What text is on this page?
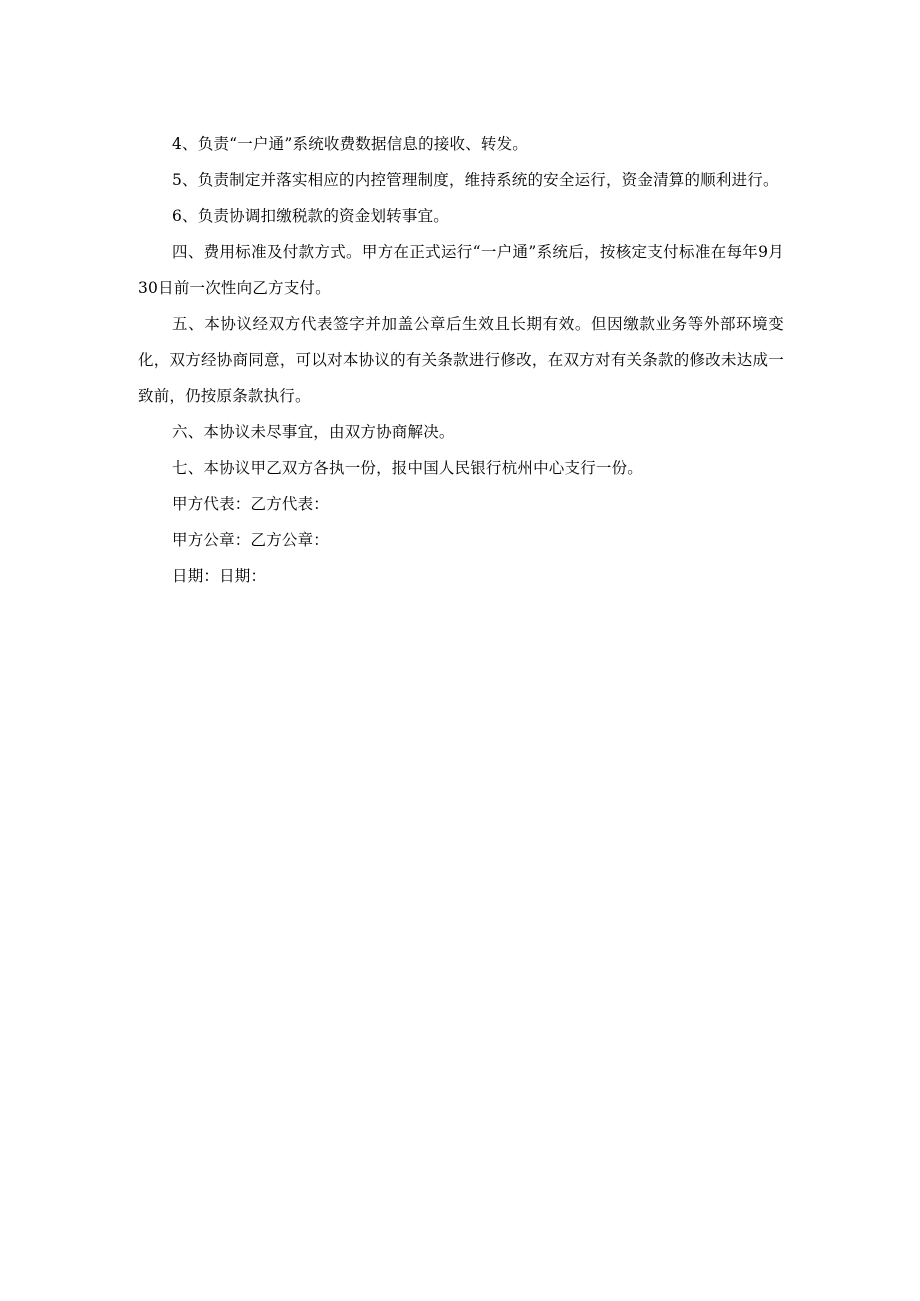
4、负责“一户通”系统收费数据信息的接收、转发。

5、负责制定并落实相应的内控管理制度，维持系统的安全运行，资金清算的顺利进行。

6、负责协调扣缴税款的资金划转事宜。

四、费用标准及付款方式。甲方在正式运行“一户通”系统后，按核定支付标准在每年9月30日前一次性向乙方支付。

五、本协议经双方代表签字并加盖公章后生效且长期有效。但因缴款业务等外部环境变化，双方经协商同意，可以对本协议的有关条款进行修改，在双方对有关条款的修改未达成一致前，仍按原条款执行。

六、本协议未尽事宜，由双方协商解决。

七、本协议甲乙双方各执一份，报中国人民银行杭州中心支行一份。

甲方代表：乙方代表：

甲方公章：乙方公章：

日期：日期：
